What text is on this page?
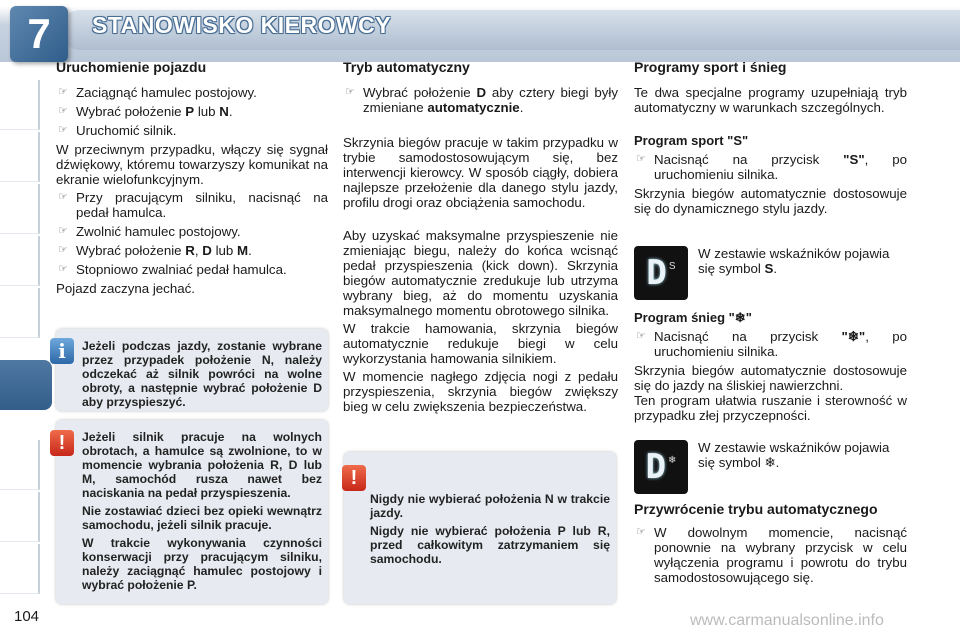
7	STANOWISKO KIEROWCY
Uruchomienie pojazdu
☞ Zaciągnąć hamulec postojowy.
☞ Wybrać położenie P lub N.
☞ Uruchomić silnik.

W przeciwnym przypadku, włączy się sygnał dźwiękowy, któremu towarzyszy komunikat na ekranie wielofunkcyjnym.

☞ Przy pracującym silniku, nacisnąć na pedał hamulca.
☞ Zwolnić hamulec postojowy.
☞ Wybrać położenie R, D lub M.
☞ Stopniowo zwalniać pedał hamulca.

Pojazd zaczyna jechać.

Jeżeli podczas jazdy, zostanie wybrane przez przypadek położenie N, należy odczekać aż silnik powróci na wolne obroty, a następnie wybrać położenie D aby przyspieszyć.
i

Jeżeli silnik pracuje na wolnych obrotach, a hamulce są zwolnione, to w momencie wybrania położenia R, D lub M, samochód rusza nawet bez naciskania na pedał przyspieszenia.

Nie zostawiać dzieci bez opieki wewnątrz samochodu, jeżeli silnik pracuje.

W trakcie wykonywania czynności konserwacji przy pracującym silniku, należy zaciągnąć hamulec postojowy i wybrać położenie P.

!
Tryb automatyczny
☞ Wybrać położenie D aby cztery biegi były zmieniane automatycznie.

Skrzynia biegów pracuje w takim przypadku w trybie samodostosowującym się, bez interwencji kierowcy. W sposób ciągły, dobiera najlepsze przełożenie dla danego stylu jazdy, profilu drogi oraz obciążenia samochodu.

Aby uzyskać maksymalne przyspieszenie nie zmieniając biegu, należy do końca wcisnąć pedał przyspieszenia (kick down). Skrzynia biegów automatycznie zredukuje lub utrzyma wybrany bieg, aż do momentu uzyskania maksymalnego momentu obrotowego silnika.

W trakcie hamowania, skrzynia biegów automatycznie redukuje biegi w celu wykorzystania hamowania silnikiem.

W momencie nagłego zdjęcia nogi z pedału przyspieszenia, skrzynia biegów zwiększy bieg w celu zwiększenia bezpieczeństwa.

Nigdy nie wybierać położenia N w trakcie jazdy.

Nigdy nie wybierać położenia P lub R, przed całkowitym zatrzymaniem się samochodu.

!
Programy sport i śnieg

Te dwa specjalne programy uzupełniają tryb automatyczny w warunkach szczególnych.

Program sport "S"
☞ Nacisnąć na przycisk "S", po uruchomieniu silnika.

Skrzynia biegów automatycznie dostosowuje się do dynamicznego stylu jazdy.

D S
W zestawie wskaźników pojawia się symbol S.
Program śnieg "❄"
☞ Nacisnąć na przycisk "❄", po uruchomieniu silnika.

Skrzynia biegów automatycznie dostosowuje się do jazdy na śliskiej nawierzchni.

Ten program ułatwia ruszanie i sterowność w przypadku złej przyczepności.

D ❄
W zestawie wskaźników pojawia się symbol ❄.
Przywrócenie trybu automatycznego
☞ W dowolnym momencie, nacisnąć ponownie na wybrany przycisk w celu wyłączenia programu i powrotu do trybu samodostosowującego się.
104	www.carmanualsonline.info
